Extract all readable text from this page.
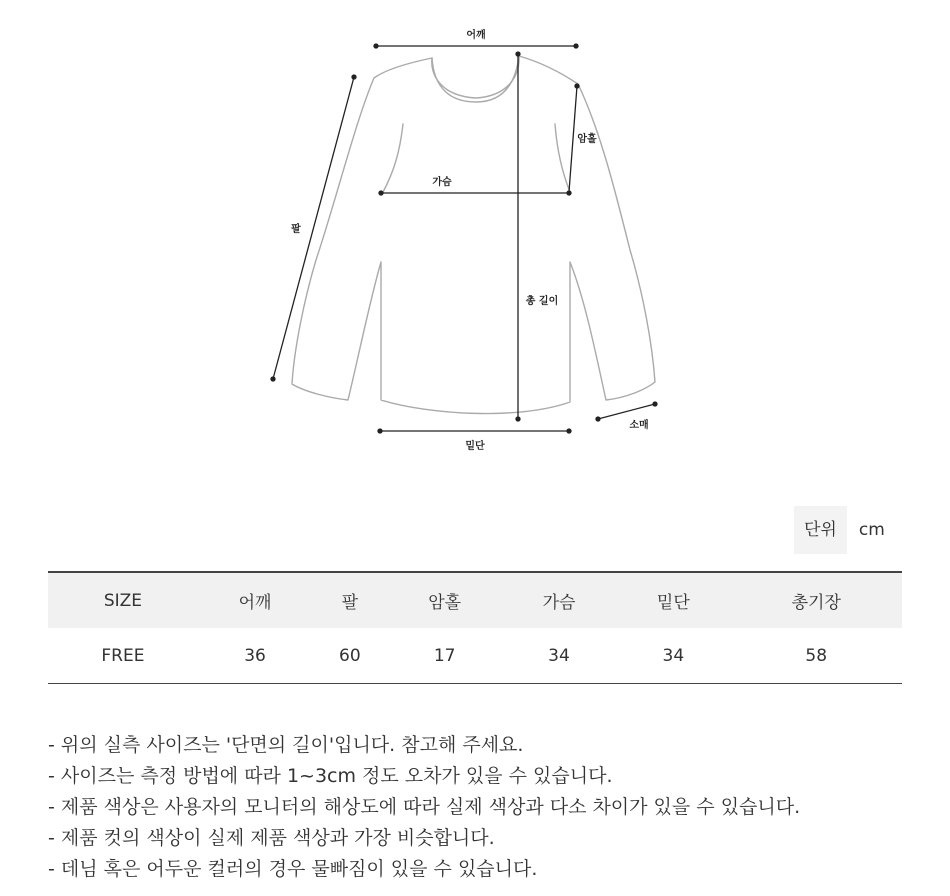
어깨
팔
암홀
가슴
총 길이
소매
밑단
단위	cm
SIZE	어깨	팔	암홀	가슴	밑단	총기장
FREE	36	60	17	34	34	58
- 위의 실측 사이즈는 '단면의 길이'입니다. 참고해 주세요.
- 사이즈는 측정 방법에 따라 1~3cm 정도 오차가 있을 수 있습니다.
- 제품 색상은 사용자의 모니터의 해상도에 따라 실제 색상과 다소 차이가 있을 수 있습니다.
- 제품 컷의 색상이 실제 제품 색상과 가장 비슷합니다.
- 데님 혹은 어두운 컬러의 경우 물빠짐이 있을 수 있습니다.
